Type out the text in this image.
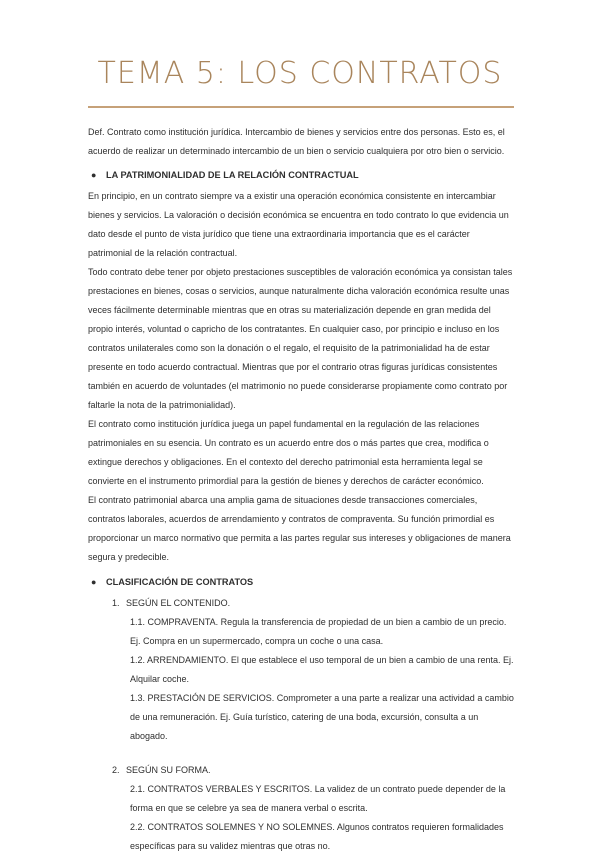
TEMA 5: LOS CONTRATOS

Def. Contrato como institución jurídica. Intercambio de bienes y servicios entre dos personas. Esto es, el acuerdo de realizar un determinado intercambio de un bien o servicio cualquiera por otro bien o servicio.

● LA PATRIMONIALIDAD DE LA RELACIÓN CONTRACTUAL

En principio, en un contrato siempre va a existir una operación económica consistente en intercambiar bienes y servicios. La valoración o decisión económica se encuentra en todo contrato lo que evidencia un dato desde el punto de vista jurídico que tiene una extraordinaria importancia que es el carácter patrimonial de la relación contractual.

Todo contrato debe tener por objeto prestaciones susceptibles de valoración económica ya consistan tales prestaciones en bienes, cosas o servicios, aunque naturalmente dicha valoración económica resulte unas veces fácilmente determinable mientras que en otras su materialización depende en gran medida del propio interés, voluntad o capricho de los contratantes. En cualquier caso, por principio e incluso en los contratos unilaterales como son la donación o el regalo, el requisito de la patrimonialidad ha de estar presente en todo acuerdo contractual. Mientras que por el contrario otras figuras jurídicas consistentes también en acuerdo de voluntades (el matrimonio no puede considerarse propiamente como contrato por faltarle la nota de la patrimonialidad).

El contrato como institución jurídica juega un papel fundamental en la regulación de las relaciones patrimoniales en su esencia. Un contrato es un acuerdo entre dos o más partes que crea, modifica o extingue derechos y obligaciones. En el contexto del derecho patrimonial esta herramienta legal se convierte en el instrumento primordial para la gestión de bienes y derechos de carácter económico.

El contrato patrimonial abarca una amplia gama de situaciones desde transacciones comerciales, contratos laborales, acuerdos de arrendamiento y contratos de compraventa. Su función primordial es proporcionar un marco normativo que permita a las partes regular sus intereses y obligaciones de manera segura y predecible.

● CLASIFICACIÓN DE CONTRATOS
1. SEGÚN EL CONTENIDO.

1.1. COMPRAVENTA. Regula la transferencia de propiedad de un bien a cambio de un precio. Ej. Compra en un supermercado, compra un coche o una casa.

1.2. ARRENDAMIENTO. El que establece el uso temporal de un bien a cambio de una renta. Ej. Alquilar coche.

1.3. PRESTACIÓN DE SERVICIOS. Comprometer a una parte a realizar una actividad a cambio de una remuneración. Ej. Guía turístico, catering de una boda, excursión, consulta a un abogado.

2. SEGÚN SU FORMA.

2.1. CONTRATOS VERBALES Y ESCRITOS. La validez de un contrato puede depender de la forma en que se celebre ya sea de manera verbal o escrita.

2.2. CONTRATOS SOLEMNES Y NO SOLEMNES. Algunos contratos requieren formalidades específicas para su validez mientras que otras no.
